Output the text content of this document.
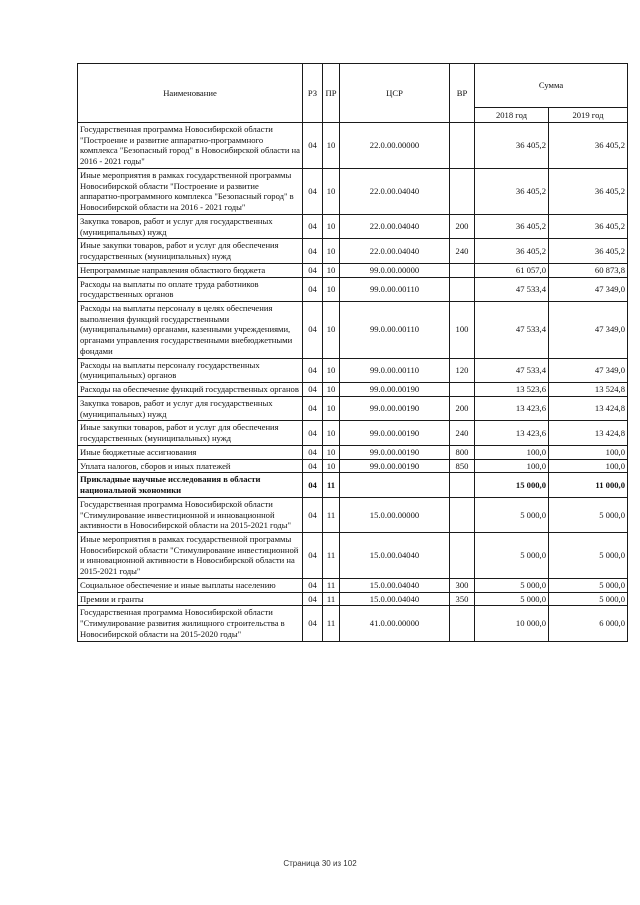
Наименование	РЗ	ПР	ЦСР	ВР	Сумма	
					2018 год	2019 год
Государственная программа Новосибирской области "Построение и развитие аппаратно-программного комплекса "Безопасный город" в Новосибирской области на 2016 - 2021 годы"	04	10	22.0.00.00000		36 405,2	36 405,2
Иные мероприятия в рамках государственной программы Новосибирской области "Построение и развитие аппаратно-программного комплекса "Безопасный город" в Новосибирской области на 2016 - 2021 годы"	04	10	22.0.00.04040		36 405,2	36 405,2
Закупка товаров, работ и услуг для государственных (муниципальных) нужд	04	10	22.0.00.04040	200	36 405,2	36 405,2
Иные закупки товаров, работ и услуг для обеспечения государственных (муниципальных) нужд	04	10	22.0.00.04040	240	36 405,2	36 405,2
Непрограммные направления областного бюджета	04	10	99.0.00.00000		61 057,0	60 873,8
Расходы на выплаты по оплате труда работников государственных органов	04	10	99.0.00.00110		47 533,4	47 349,0
Расходы на выплаты персоналу в целях обеспечения выполнения функций государственными (муниципальными) органами, казенными учреждениями, органами управления государственными внебюджетными фондами	04	10	99.0.00.00110	100	47 533,4	47 349,0
Расходы на выплаты персоналу государственных (муниципальных) органов	04	10	99.0.00.00110	120	47 533,4	47 349,0
Расходы на обеспечение функций государственных органов	04	10	99.0.00.00190		13 523,6	13 524,8
Закупка товаров, работ и услуг для государственных (муниципальных) нужд	04	10	99.0.00.00190	200	13 423,6	13 424,8
Иные закупки товаров, работ и услуг для обеспечения государственных (муниципальных) нужд	04	10	99.0.00.00190	240	13 423,6	13 424,8
Иные бюджетные ассигнования	04	10	99.0.00.00190	800	100,0	100,0
Уплата налогов, сборов и иных платежей	04	10	99.0.00.00190	850	100,0	100,0
Прикладные научные исследования в области национальной экономики	04	11			15 000,0	11 000,0
Государственная программа Новосибирской области "Стимулирование инвестиционной и инновационной активности в Новосибирской области на 2015-2021 годы"	04	11	15.0.00.00000		5 000,0	5 000,0
Иные мероприятия в рамках государственной программы Новосибирской области "Стимулирование инвестиционной и инновационной активности в Новосибирской области на 2015-2021 годы"	04	11	15.0.00.04040		5 000,0	5 000,0
Социальное обеспечение и иные выплаты населению	04	11	15.0.00.04040	300	5 000,0	5 000,0
Премии и гранты	04	11	15.0.00.04040	350	5 000,0	5 000,0
Государственная программа Новосибирской области "Стимулирование развития жилищного строительства в Новосибирской области на 2015-2020 годы"	04	11	41.0.00.00000		10 000,0	6 000,0
Страница 30 из 102
